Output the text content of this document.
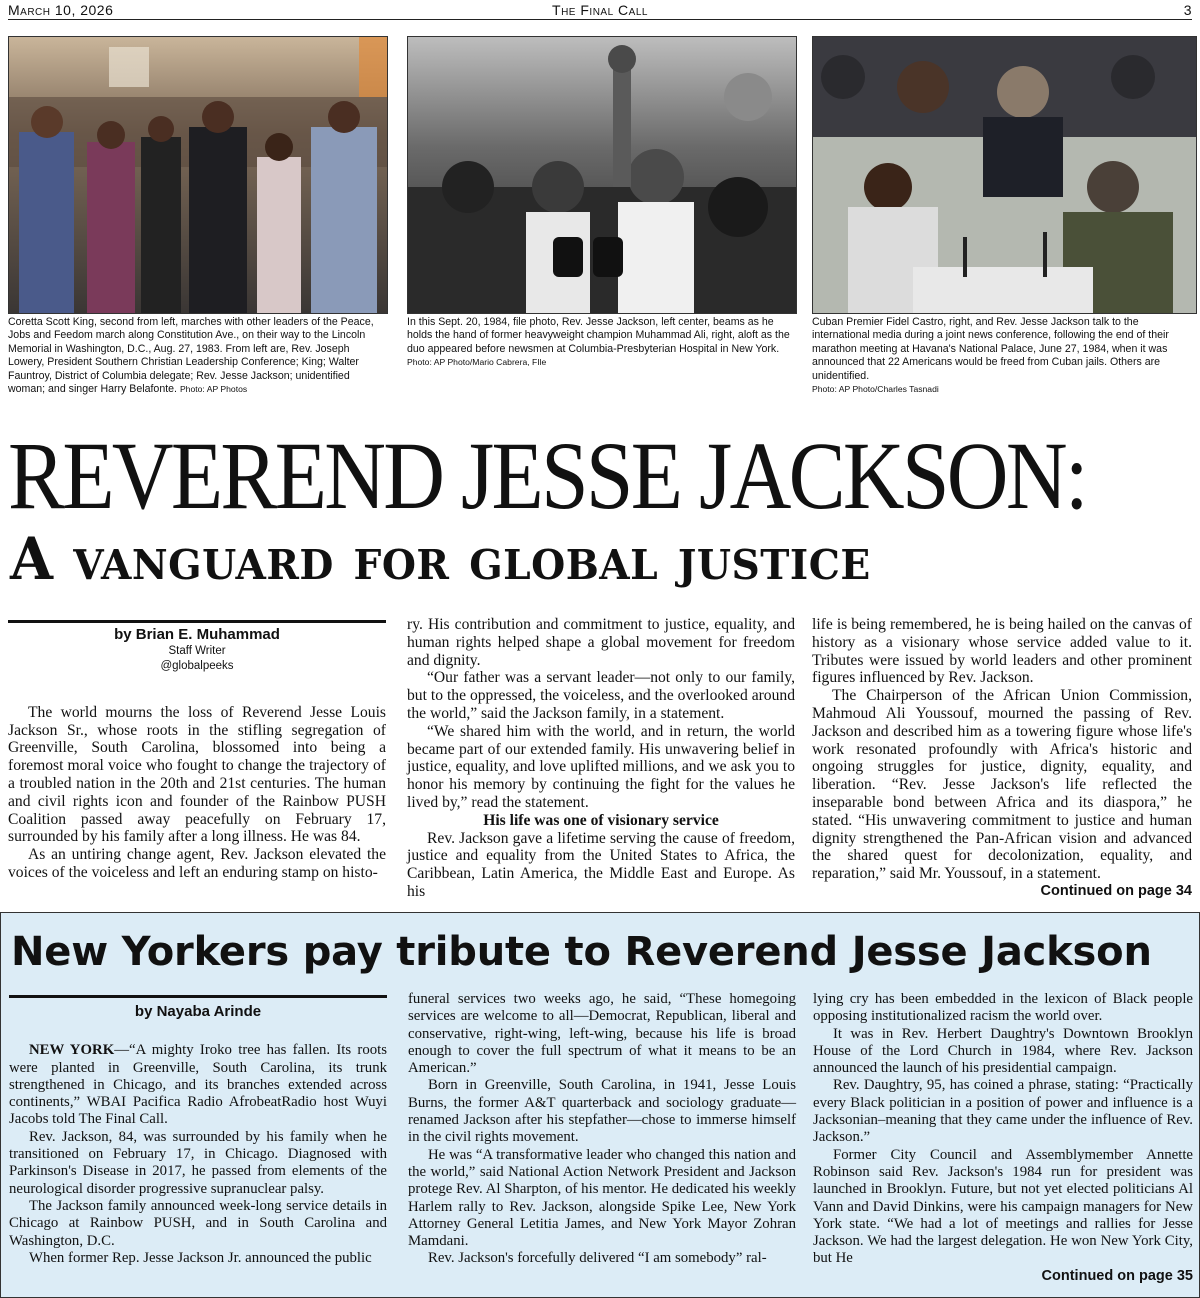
March 10, 2026	The Final Call	3
Coretta Scott King, second from left, marches with other leaders of the Peace, Jobs and Feedom march along Constitution Ave., on their way to the Lincoln Memorial in Washington, D.C., Aug. 27, 1983. From left are, Rev. Joseph Lowery, President Southern Christian Leadership Conference; King; Walter Fauntroy, District of Columbia delegate; Rev. Jesse Jackson; unidentified woman; and singer Harry Belafonte. Photo: AP Photos
In this Sept. 20, 1984, file photo, Rev. Jesse Jackson, left center, beams as he holds the hand of former heavyweight champion Muhammad Ali, right, aloft as the duo appeared before newsmen at Columbia-Presbyterian Hospital in New York.
Photo: AP Photo/Mario Cabrera, FIle
Cuban Premier Fidel Castro, right, and Rev. Jesse Jackson talk to the international media during a joint news conference, following the end of their marathon meeting at Havana's National Palace, June 27, 1984, when it was announced that 22 Americans would be freed from Cuban jails. Others are unidentified.
Photo: AP Photo/Charles Tasnadi
REVEREND JESSE JACKSON:
A vanguard for global justice
by Brian E. Muhammad
Staff Writer
@globalpeeks

The world mourns the loss of Reverend Jesse Louis Jackson Sr., whose roots in the stifling segregation of Greenville, South Carolina, blossomed into being a foremost moral voice who fought to change the trajectory of a troubled nation in the 20th and 21st centuries. The human and civil rights icon and founder of the Rainbow PUSH Coalition passed away peacefully on February 17, surrounded by his family after a long illness. He was 84.

As an untiring change agent, Rev. Jackson elevated the voices of the voiceless and left an enduring stamp on histo-

ry. His contribution and commitment to justice, equality, and human rights helped shape a global movement for freedom and dignity.

“Our father was a servant leader—not only to our family, but to the oppressed, the voiceless, and the overlooked around the world,” said the Jackson family, in a statement.

“We shared him with the world, and in return, the world became part of our extended family. His unwavering belief in justice, equality, and love uplifted millions, and we ask you to honor his memory by continuing the fight for the values he lived by,” read the statement.

His life was one of visionary service

Rev. Jackson gave a lifetime serving the cause of freedom, justice and equality from the United States to Africa, the Caribbean, Latin America, the Middle East and Europe. As his

life is being remembered, he is being hailed on the canvas of history as a visionary whose service added value to it. Tributes were issued by world leaders and other prominent figures influenced by Rev. Jackson.

The Chairperson of the African Union Commission, Mahmoud Ali Youssouf, mourned the passing of Rev. Jackson and described him as a towering figure whose life's work resonated profoundly with Africa's historic and ongoing struggles for justice, dignity, equality, and liberation. “Rev. Jesse Jackson's life reflected the inseparable bond between Africa and its diaspora,” he stated. “His unwavering commitment to justice and human dignity strengthened the Pan-African vision and advanced the shared quest for decolonization, equality, and reparation,” said Mr. Youssouf, in a statement.

Continued on page 34
New Yorkers pay tribute to Reverend Jesse Jackson
by Nayaba Arinde

NEW YORK—“A mighty Iroko tree has fallen. Its roots were planted in Greenville, South Carolina, its trunk strengthened in Chicago, and its branches extended across continents,” WBAI Pacifica Radio AfrobeatRadio host Wuyi Jacobs told The Final Call.

Rev. Jackson, 84, was surrounded by his family when he transitioned on February 17, in Chicago. Diagnosed with Parkinson's Disease in 2017, he passed from elements of the neurological disorder progressive supranuclear palsy.

The Jackson family announced week-long service details in Chicago at Rainbow PUSH, and in South Carolina and Washington, D.C.

When former Rep. Jesse Jackson Jr. announced the public

funeral services two weeks ago, he said, “These homegoing services are welcome to all—Democrat, Republican, liberal and conservative, right-wing, left-wing, because his life is broad enough to cover the full spectrum of what it means to be an American.”

Born in Greenville, South Carolina, in 1941, Jesse Louis Burns, the former A&T quarterback and sociology graduate—renamed Jackson after his stepfather—chose to immerse himself in the civil rights movement.

He was “A transformative leader who changed this nation and the world,” said National Action Network President and Jackson protege Rev. Al Sharpton, of his mentor. He dedicated his weekly Harlem rally to Rev. Jackson, alongside Spike Lee, New York Attorney General Letitia James, and New York Mayor Zohran Mamdani.

Rev. Jackson's forcefully delivered “I am somebody” ral-

lying cry has been embedded in the lexicon of Black people opposing institutionalized racism the world over.

It was in Rev. Herbert Daughtry's Downtown Brooklyn House of the Lord Church in 1984, where Rev. Jackson announced the launch of his presidential campaign.

Rev. Daughtry, 95, has coined a phrase, stating: “Practically every Black politician in a position of power and influence is a Jacksonian–meaning that they came under the influence of Rev. Jackson.”

Former City Council and Assemblymember Annette Robinson said Rev. Jackson's 1984 run for president was launched in Brooklyn. Future, but not yet elected politicians Al Vann and David Dinkins, were his campaign managers for New York state. “We had a lot of meetings and rallies for Jesse Jackson. We had the largest delegation. He won New York City, but He

Continued on page 35
